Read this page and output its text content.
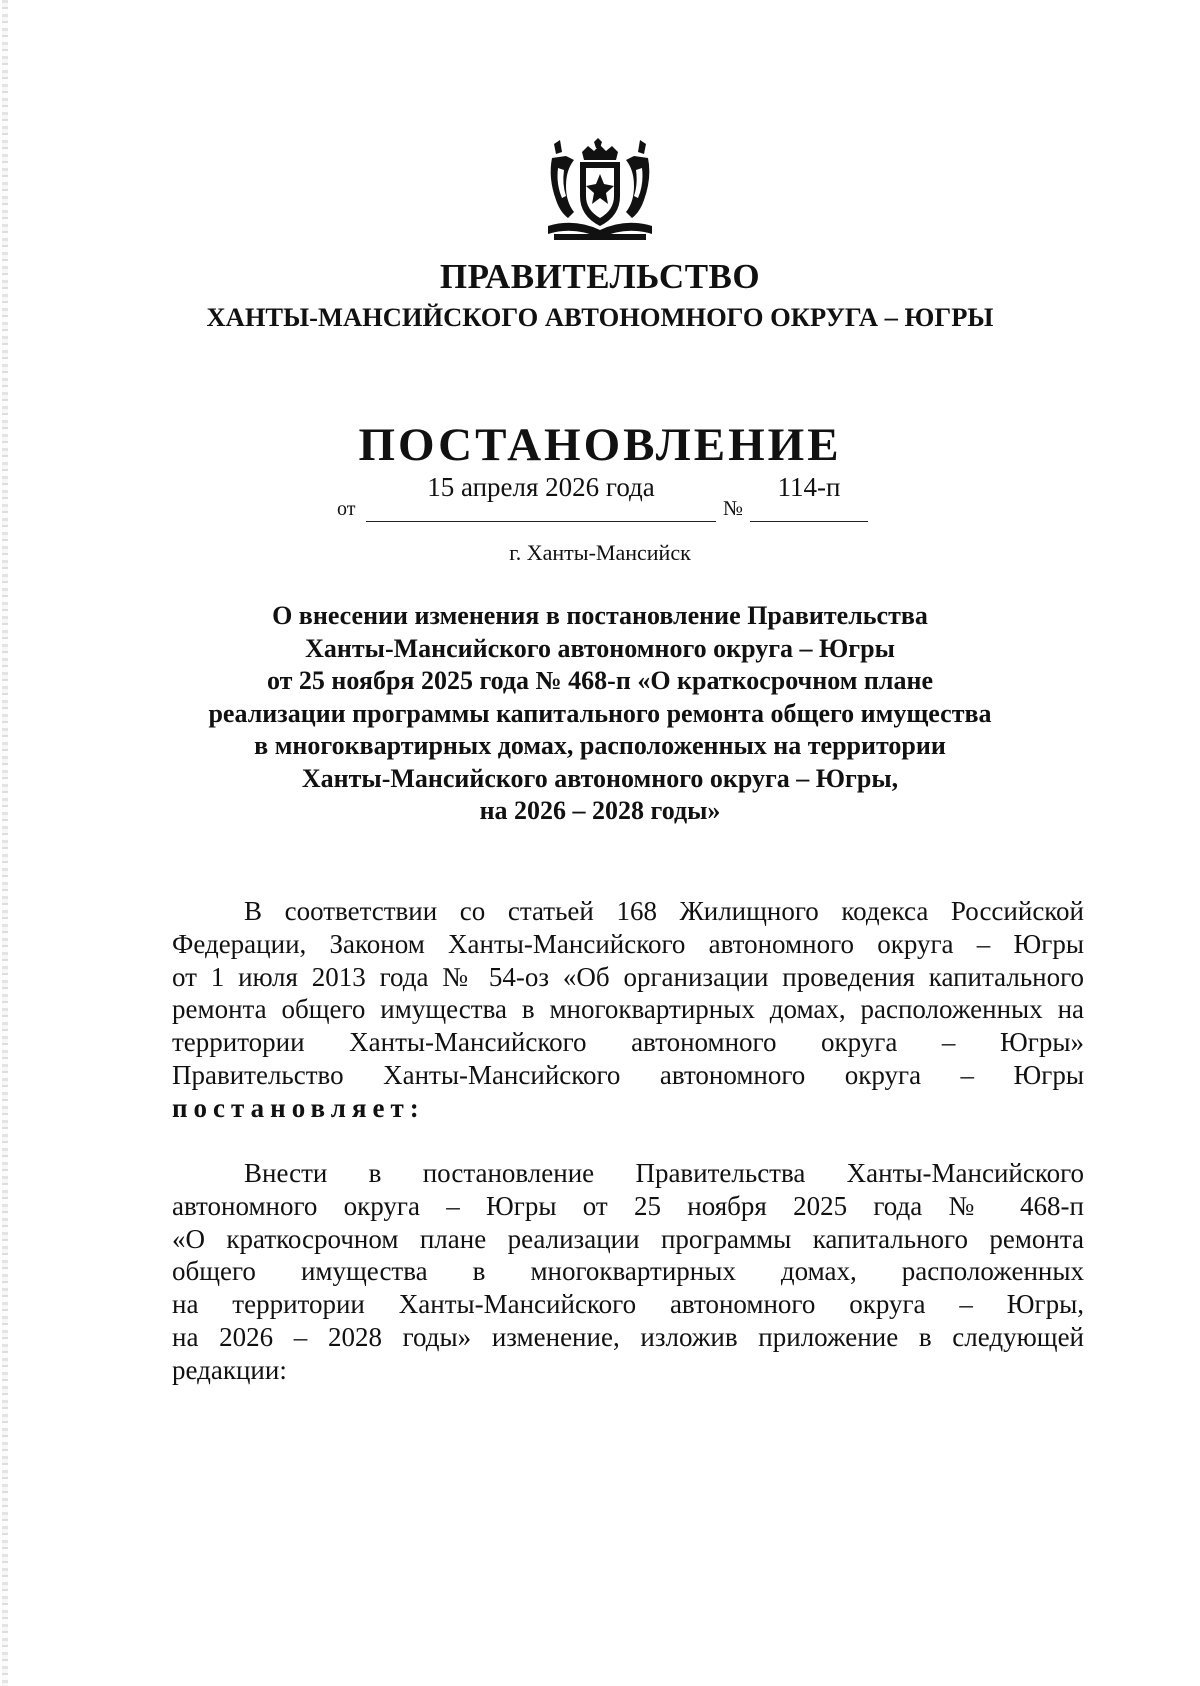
ПРАВИТЕЛЬСТВО
ХАНТЫ-МАНСИЙСКОГО АВТОНОМНОГО ОКРУГА – ЮГРЫ
ПОСТАНОВЛЕНИЕ
от
15 апреля 2026 года
№
114-п
г. Ханты-Мансийск
О внесении изменения в постановление Правительства
Ханты-Мансийского автономного округа – Югры
от 25 ноября 2025 года № 468-п «О краткосрочном плане
реализации программы капитального ремонта общего имущества
в многоквартирных домах, расположенных на территории
Ханты-Мансийского автономного округа – Югры,
на 2026 – 2028 годы»
В соответствии со статьей 168 Жилищного кодекса Российской
Федерации, Законом Ханты-Мансийского автономного округа – Югры
от 1 июля 2013 года № 54-оз «Об организации проведения капитального
ремонта общего имущества в многоквартирных домах, расположенных на
территории Ханты-Мансийского автономного округа – Югры»
Правительство Ханты-Мансийского автономного округа – Югры
постановляет:
Внести в постановление Правительства Ханты-Мансийского
автономного округа – Югры от 25 ноября 2025 года № 468-п
«О краткосрочном плане реализации программы капитального ремонта
общего имущества в многоквартирных домах, расположенных
на территории Ханты-Мансийского автономного округа – Югры,
на 2026 – 2028 годы» изменение, изложив приложение в следующей
редакции:
